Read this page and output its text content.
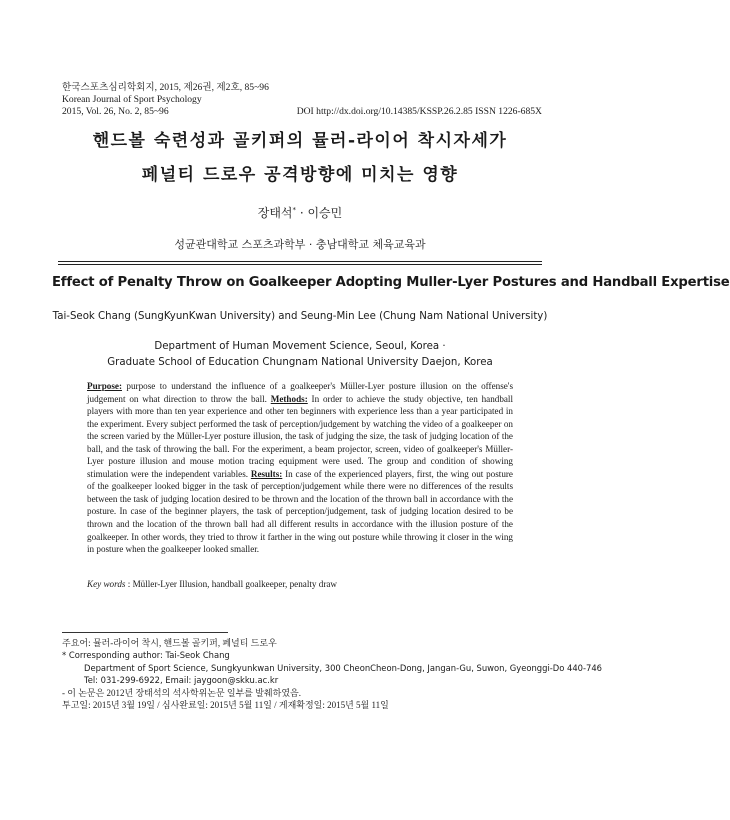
한국스포츠심리학회지, 2015, 제26권, 제2호, 85~96
Korean Journal of Sport Psychology
2015, Vol. 26, No. 2, 85~96	DOI http://dx.doi.org/10.14385/KSSP.26.2.85 ISSN 1226-685X
핸드볼 숙련성과 골키퍼의 뮬러-라이어 착시자세가
페널티 드로우 공격방향에 미치는 영향
장태석* · 이승민
성균관대학교 스포츠과학부 · 충남대학교 체육교육과
Effect of Penalty Throw on Goalkeeper Adopting Muller-Lyer Postures and Handball Expertise
Tai-Seok Chang (SungKyunKwan University) and Seung-Min Lee (Chung Nam National University)
Department of Human Movement Science, Seoul, Korea ·
Graduate School of Education Chungnam National University Daejon, Korea
Purpose: purpose to understand the influence of a goalkeeper's Müller-Lyer posture illusion on the offense's judgement on what direction to throw the ball. Methods: In order to achieve the study objective, ten handball players with more than ten year experience and other ten beginners with experience less than a year participated in the experiment. Every subject performed the task of perception/judgement by watching the video of a goalkeeper on the screen varied by the Müller-Lyer posture illusion, the task of judging the size, the task of judging location of the ball, and the task of throwing the ball. For the experiment, a beam projector, screen, video of goalkeeper's Müller-Lyer posture illusion and mouse motion tracing equipment were used. The group and condition of showing stimulation were the independent variables. Results: In case of the experienced players, first, the wing out posture of the goalkeeper looked bigger in the task of perception/judgement while there were no differences of the results between the task of judging location desired to be thrown and the location of the thrown ball in accordance with the posture. In case of the beginner players, the task of perception/judgement, task of judging location desired to be thrown and the location of the thrown ball had all different results in accordance with the illusion posture of the goalkeeper. In other words, they tried to throw it farther in the wing out posture while throwing it closer in the wing in posture when the goalkeeper looked smaller.
Key words : Müller-Lyer Illusion, handball goalkeeper, penalty draw
주요어: 뮬러-라이어 착시, 핸드볼 골키퍼, 페널티 드로우
* Corresponding author: Tai-Seok Chang
Department of Sport Science, Sungkyunkwan University, 300 CheonCheon-Dong, Jangan-Gu, Suwon, Gyeonggi-Do 440-746
Tel: 031-299-6922, Email: jaygoon@skku.ac.kr
- 이 논문은 2012년 장태석의 석사학위논문 일부를 발췌하였음.
투고일: 2015년 3월 19일 / 심사완료일: 2015년 5월 11일 / 게재확정일: 2015년 5월 11일
